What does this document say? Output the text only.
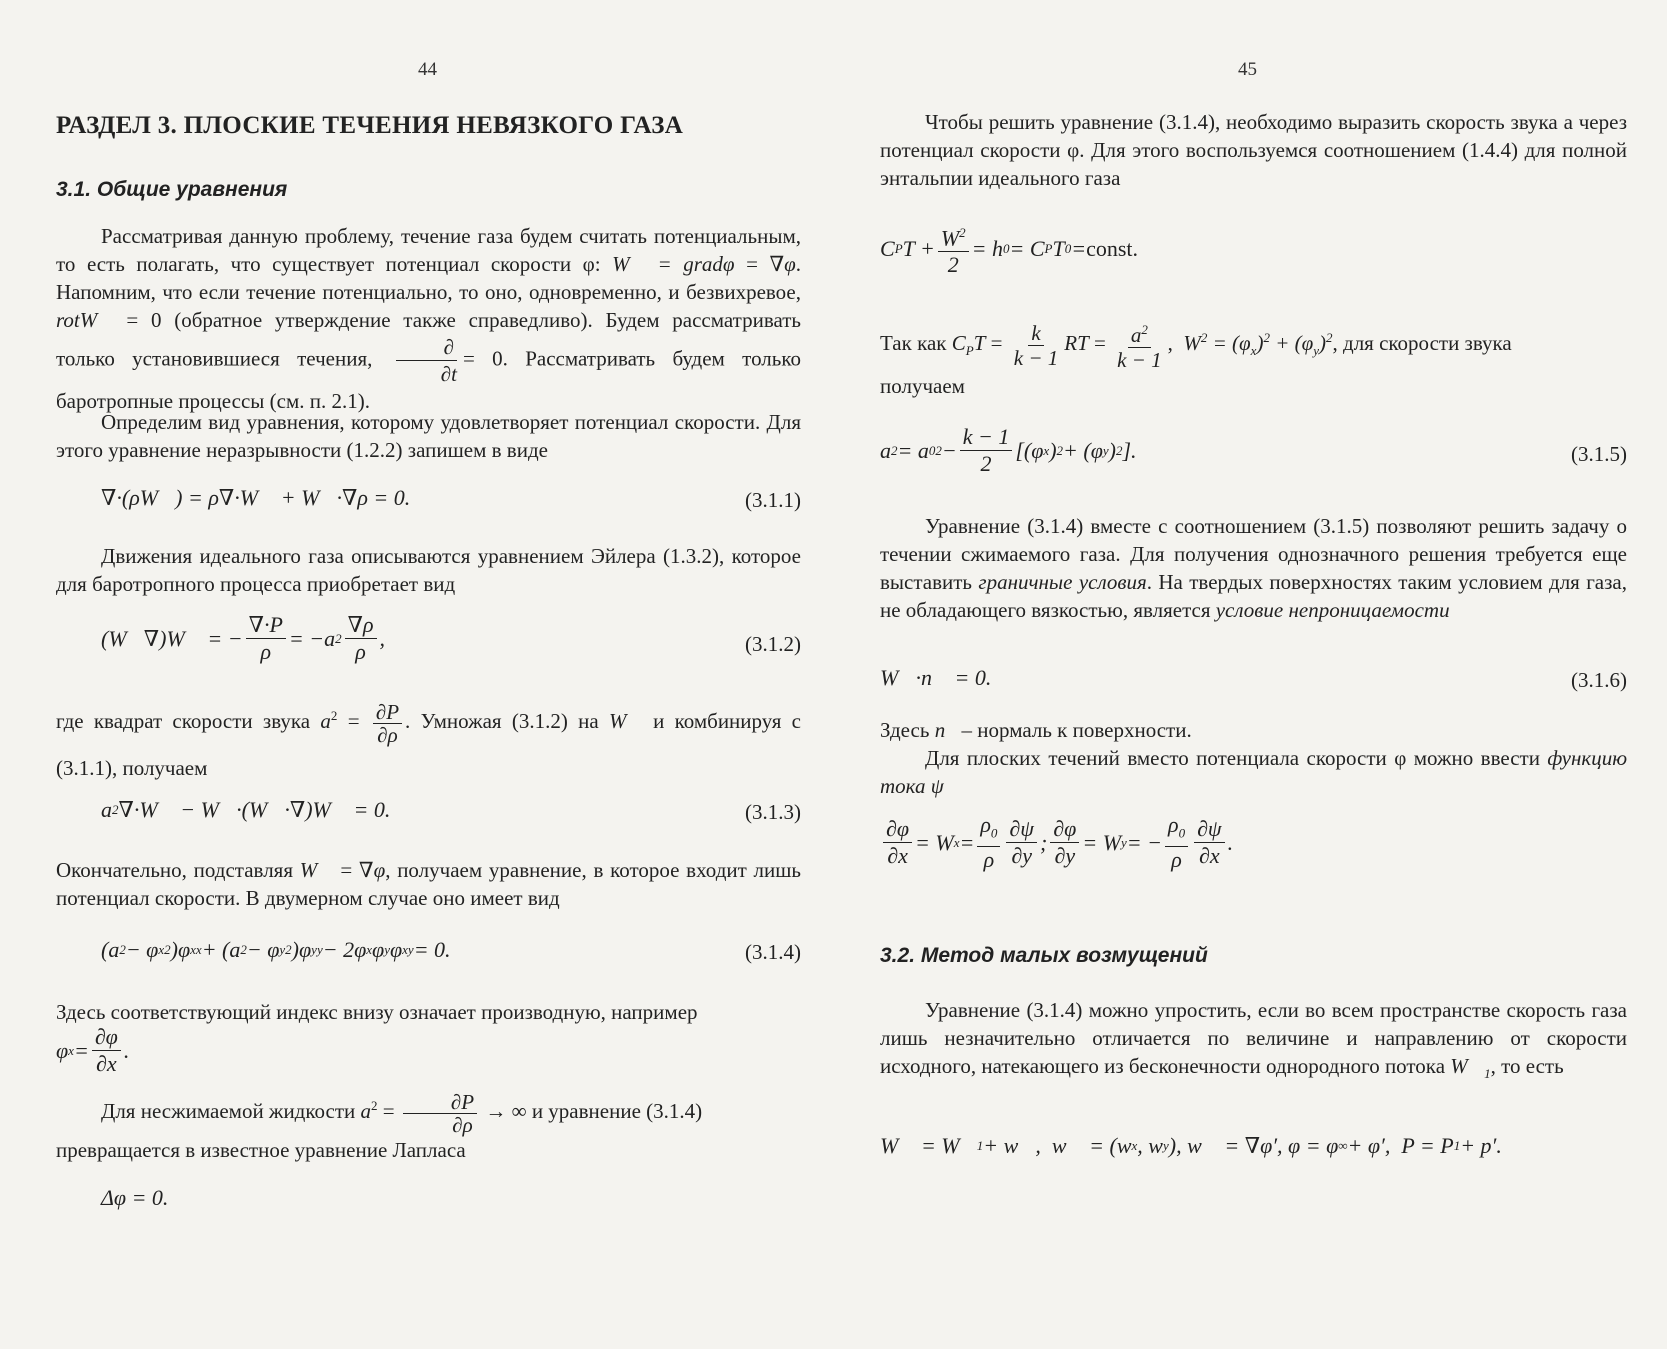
44
РАЗДЕЛ 3. ПЛОСКИЕ ТЕЧЕНИЯ НЕВЯЗКОГО ГАЗА
3.1. Общие уравнения

Рассматривая данную проблему, течение газа будем считать потенциальным, то есть полагать, что существует потенциал скорости φ: W⃗ = gradφ = ∇φ. Напомним, что если течение потенциально, то оно, одновременно, и безвихревое, rotW⃗ = 0 (обратное утверждение также справедливо). Будем рассматривать только установившиеся течения, $\frac{\partial}{\partial t} = 0$. Рассматривать будем только баротропные процессы (см. п. 2.1).

Определим вид уравнения, которому удовлетворяет потенциал скорости. Для этого уравнение неразрывности (1.2.2) запишем в виде

∇·(ρW⃗) = ρ∇·W⃗ + W⃗·∇ρ = 0.	(3.1.1)

Движения идеального газа описываются уравнением Эйлера (1.3.2), которое для баротропного процесса приобретает вид

(W⃗∇)W⃗ = − $\frac{\nabla\cdot P}{\rho} = -a$ $2 \frac{\nabla\rho}{\rho}$ ,	(3.1.2)

где квадрат скорости звука $a^2 = \frac{\partial P}{\partial\rho}$ . Умножая (3.1.2) на W⃗ и комбинируя с (3.1.1), получаем

a 2 ∇·W⃗ − W⃗·(W⃗·∇)W⃗ = 0.	(3.1.3)

Окончательно, подставляя W⃗ = ∇φ, получаем уравнение, в которое входит лишь потенциал скорости. В двумерном случае оно имеет вид

(a 2 − φ x 2 )φ xx + (a 2 − φ y 2 )φ yy − 2φ x φ y φ xy = 0.	(3.1.4)

Здесь соответствующий индекс внизу означает производную, например

φ $x = \frac{\partial\varphi}{\partial x}$ .

Для несжимаемой жидкости $a^2 = \frac{\partial P}{\partial\rho}$ → ∞ и уравнение (3.1.4)

превращается в известное уравнение Лапласа

Δφ = 0.
45

Чтобы решить уравнение (3.1.4), необходимо выразить скорость звука a через потенциал скорости φ. Для этого воспользуемся соотношением (1.4.4) для полной энтальпии идеального газа

C P $T + \frac{W^2}{2} = h$ 0 = C P T 0 = const.

Так как $C_PT = \frac{k}{k - 1}$ RT = $\frac{a^2}{k - 1}$ ,  $W^2 = (\varphi_x)^2 + (\varphi_y)^2$, для скорости звука

получаем

a 2 = a 0 $2 - \frac{k - 1}{2} [(\varphi$ x ) 2 + (φ y ) 2 ].	(3.1.5)

Уравнение (3.1.4) вместе с соотношением (3.1.5) позволяют решить задачу о течении сжимаемого газа. Для получения однозначного решения требуется еще выставить граничные условия. На твердых поверхностях таким условием для газа, не обладающего вязкостью, является условие непроницаемости

W⃗·n⃗ = 0.	(3.1.6)

Здесь n⃗– нормаль к поверхности.

Для плоских течений вместо потенциала скорости φ можно ввести функцию тока ψ

$\frac{\partial\varphi}{\partial x} = W$ $x = \frac{\rho_0}{\rho} \frac{\partial\psi}{\partial y}$ ; $\frac{\partial\varphi}{\partial y} = W$ y = − $\frac{\rho_0}{\rho} \frac{\partial\psi}{\partial x}$ .
3.2. Метод малых возмущений

Уравнение (3.1.4) можно упростить, если во всем пространстве скорость газа лишь незначительно отличается по величине и направлению от скорости исходного, натекающего из бесконечности однородного потока $W⃗_1$, то есть

W⃗ = W⃗ 1 + w⃗,  w⃗ = (w x , w y ), w⃗ = ∇φ′, φ = φ ∞ + φ′,  P = P 1 + p′.
